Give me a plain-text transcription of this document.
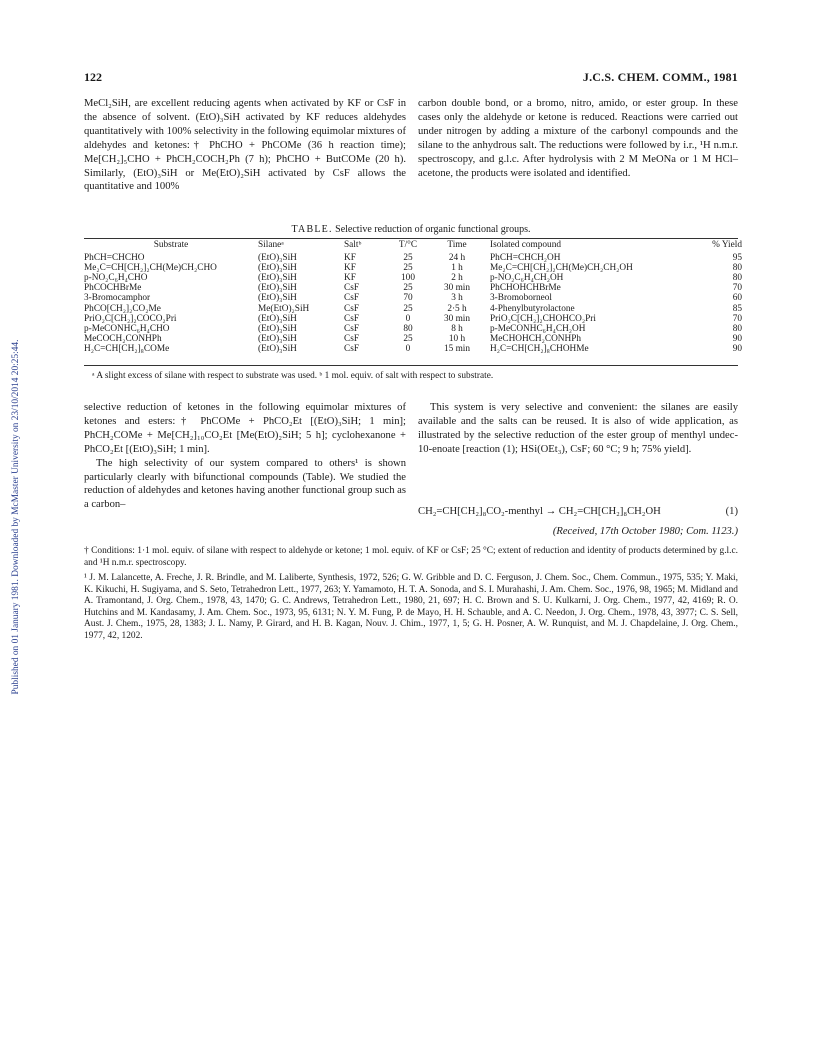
Published on 01 January 1981. Downloaded by McMaster University on 23/10/2014 20:25:44.
122	J.C.S. CHEM. COMM., 1981

MeCl₂SiH, are excellent reducing agents when activated by KF or CsF in the absence of solvent. (EtO)₃SiH activated by KF reduces aldehydes quantitatively with 100% selectivity in the following equimolar mixtures of aldehydes and ketones:† PhCHO + PhCOMe (36 h reaction time); Me[CH₂]₅CHO + PhCH₂COCH₂Ph (7 h); PhCHO + ButCOMe (20 h). Similarly, (EtO)₃SiH or Me(EtO)₂SiH activated by CsF allows the quantitative and 100%

carbon double bond, or a bromo, nitro, amido, or ester group. In these cases only the aldehyde or ketone is reduced. Reactions were carried out under nitrogen by adding a mixture of the carbonyl compounds and the silane to the anhydrous salt. The reductions were followed by i.r., ¹H n.m.r. spectroscopy, and g.l.c. After hydrolysis with 2 M MeONa or 1 M HCl–acetone, the products were isolated and identified.

TABLE. Selective reduction of organic functional groups.
Substrate	Silaneᵃ	Saltᵇ	T/°C	Time	Isolated compound	% Yield
PhCH=CHCHO	(EtO)₃SiH	KF	25	24 h	PhCH=CHCH₂OH	95
Me₂C=CH[CH₂]₂CH(Me)CH₂CHO	(EtO)₃SiH	KF	25	1 h	Me₂C=CH[CH₂]₂CH(Me)CH₂CH₂OH	80
p-NO₂C₆H₄CHO	(EtO)₃SiH	KF	100	2 h	p-NO₂C₆H₄CH₂OH	80
PhCOCHBrMe	(EtO)₃SiH	CsF	25	30 min	PhCHOHCHBrMe	70
3-Bromocamphor	(EtO)₃SiH	CsF	70	3 h	3-Bromoborneol	60
PhCO[CH₂]₂CO₂Me	Me(EtO)₂SiH	CsF	25	2·5 h	4-Phenylbutyrolactone	85
PriO₂C[CH₂]₂COCO₂Pri	(EtO)₃SiH	CsF	0	30 min	PriO₂C[CH₂]₂CHOHCO₂Pri	70
p-MeCONHC₆H₄CHO	(EtO)₃SiH	CsF	80	8 h	p-MeCONHC₆H₄CH₂OH	80
MeCOCH₂CONHPh	(EtO)₃SiH	CsF	25	10 h	MeCHOHCH₂CONHPh	90
H₂C=CH[CH₂]₈COMe	(EtO)₃SiH	CsF	0	15 min	H₂C=CH[CH₂]₈CHOHMe	90
ᵃ A slight excess of silane with respect to substrate was used. ᵇ 1 mol. equiv. of salt with respect to substrate.

selective reduction of ketones in the following equimolar mixtures of ketones and esters:† PhCOMe + PhCO₂Et [(EtO)₃SiH; 1 min]; PhCH₂COMe + Me[CH₂]₁₀CO₂Et [Me(EtO)₂SiH; 5 h]; cyclohexanone + PhCO₂Et [(EtO)₃SiH; 1 min].

The high selectivity of our system compared to others¹ is shown particularly clearly with bifunctional compounds (Table). We studied the reduction of aldehydes and ketones having another functional group such as a carbon–

This system is very selective and convenient: the silanes are easily available and the salts can be reused. It is also of wide application, as illustrated by the selective reduction of the ester group of menthyl undec-10-enoate [reaction (1); HSi(OEt₃), CsF; 60 °C; 9 h; 75% yield].

CH₂=CH[CH₂]₈CO₂-menthyl → CH₂=CH[CH₂]₈CH₂OH	(1)
(Received, 17th October 1980; Com. 1123.)
† Conditions: 1·1 mol. equiv. of silane with respect to aldehyde or ketone; 1 mol. equiv. of KF or CsF; 25 °C; extent of reduction and identity of products determined by g.l.c. and ¹H n.m.r. spectroscopy.
¹ J. M. Lalancette, A. Freche, J. R. Brindle, and M. Laliberte, Synthesis, 1972, 526; G. W. Gribble and D. C. Ferguson, J. Chem. Soc., Chem. Commun., 1975, 535; Y. Maki, K. Kikuchi, H. Sugiyama, and S. Seto, Tetrahedron Lett., 1977, 263; Y. Yamamoto, H. T. A. Sonoda, and S. I. Murahashi, J. Am. Chem. Soc., 1976, 98, 1965; M. Midland and A. Tramontand, J. Org. Chem., 1978, 43, 1470; G. C. Andrews, Tetrahedron Lett., 1980, 21, 697; H. C. Brown and S. U. Kulkarni, J. Org. Chem., 1977, 42, 4169; R. O. Hutchins and M. Kandasamy, J. Am. Chem. Soc., 1973, 95, 6131; N. Y. M. Fung, P. de Mayo, H. H. Schauble, and A. C. Needon, J. Org. Chem., 1978, 43, 3977; C. S. Sell, Aust. J. Chem., 1975, 28, 1383; J. L. Namy, P. Girard, and H. B. Kagan, Nouv. J. Chim., 1977, 1, 5; G. H. Posner, A. W. Runquist, and M. J. Chapdelaine, J. Org. Chem., 1977, 42, 1202.
